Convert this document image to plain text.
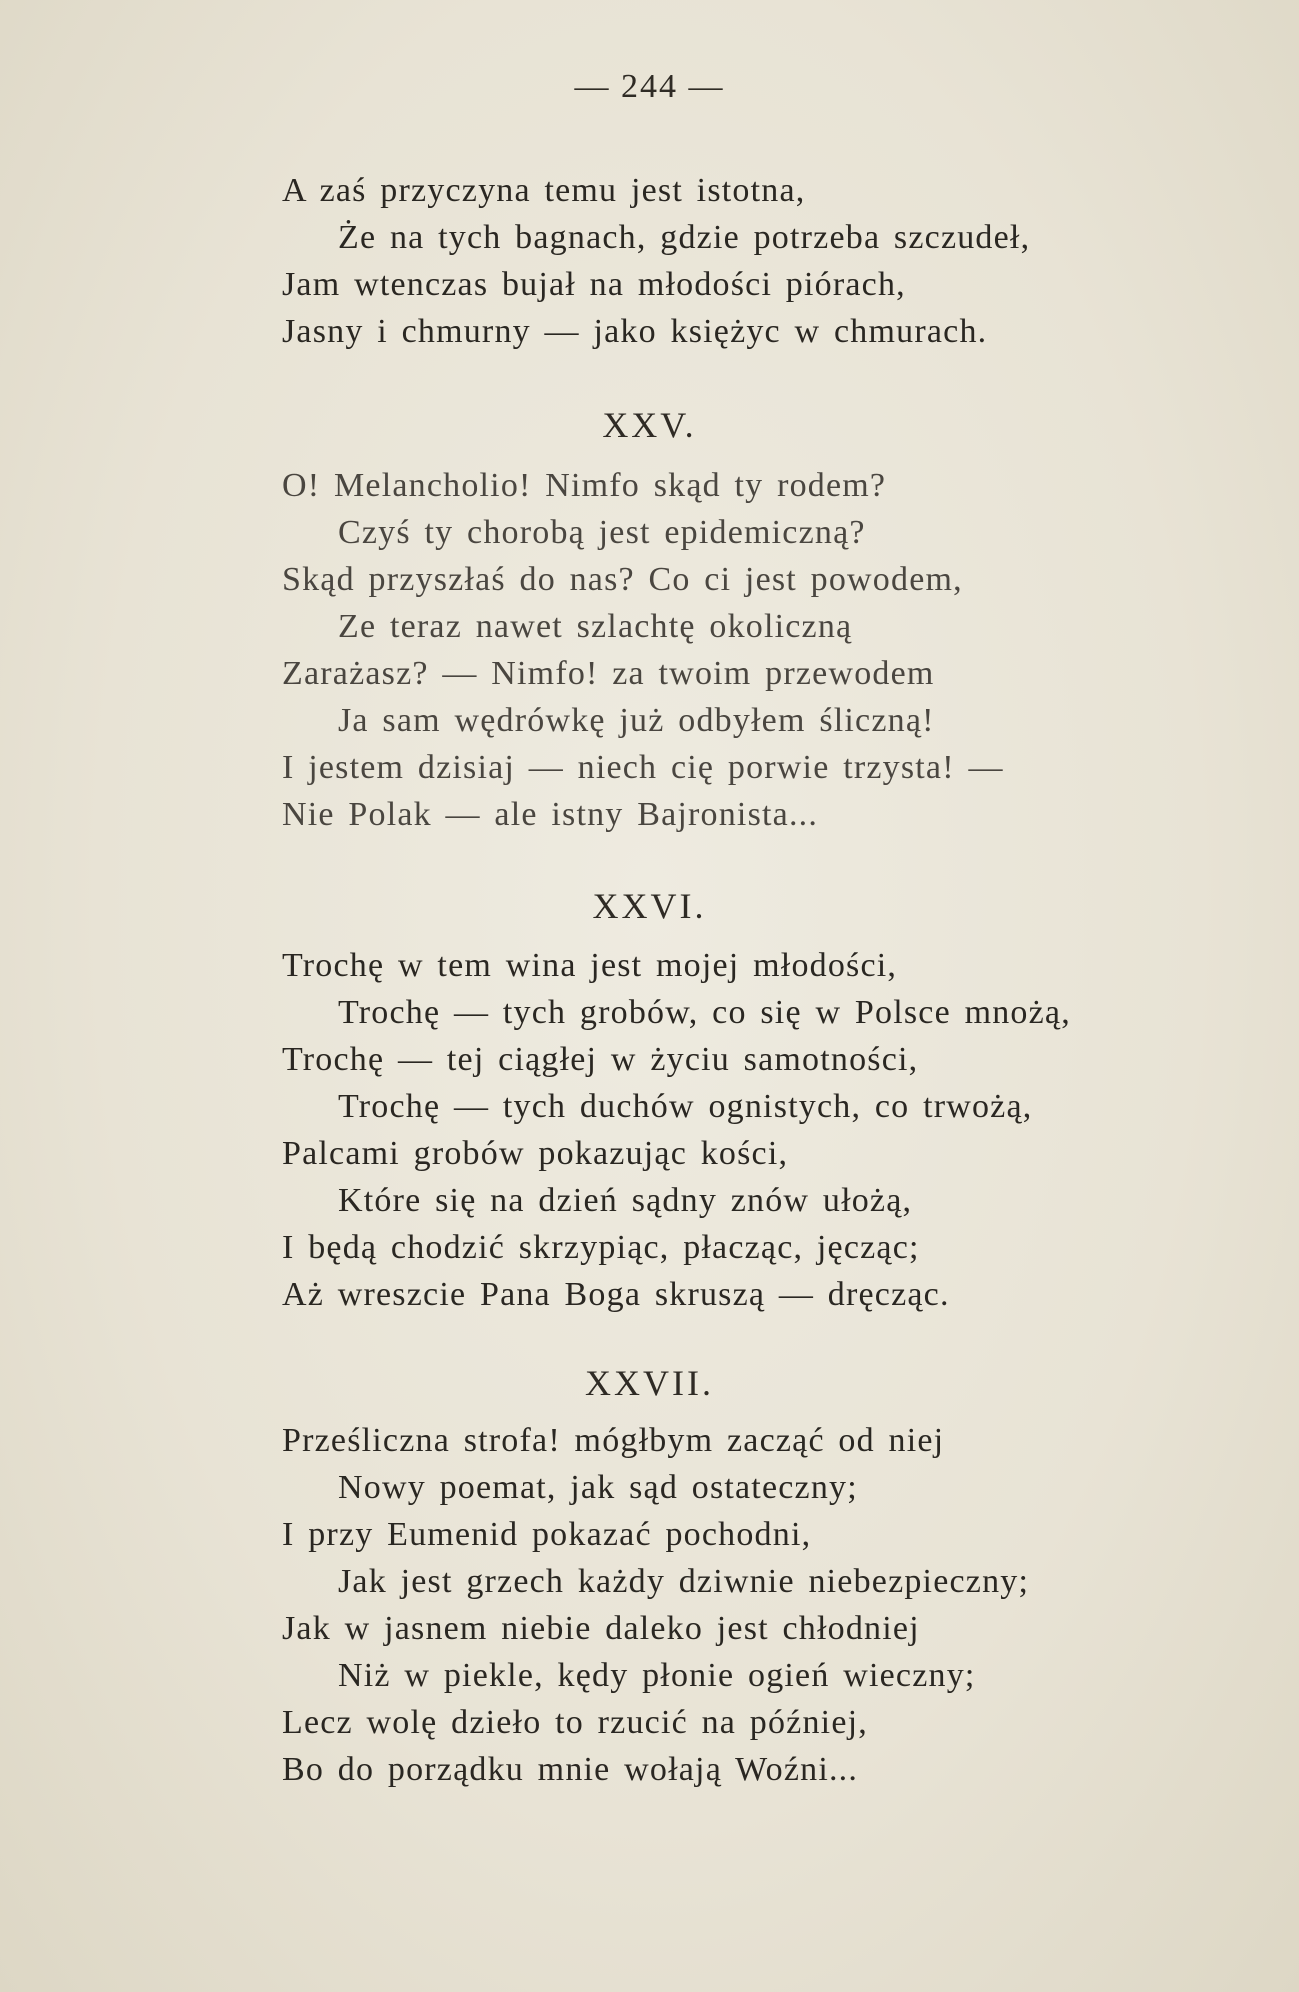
— 244 —
A zaś przyczyna temu jest istotna,
Że na tych bagnach, gdzie potrzeba szczudeł,
Jam wtenczas bujał na młodości piórach,
Jasny i chmurny — jako księżyc w chmurach.
XXV.
O! Melancholio! Nimfo skąd ty rodem?
Czyś ty chorobą jest epidemiczną?
Skąd przyszłaś do nas? Co ci jest powodem,
Ze teraz nawet szlachtę okoliczną
Zarażasz? — Nimfo! za twoim przewodem
Ja sam wędrówkę już odbyłem śliczną!
I jestem dzisiaj — niech cię porwie trzysta! —
Nie Polak — ale istny Bajronista...
XXVI.
Trochę w tem wina jest mojej młodości,
Trochę — tych grobów, co się w Polsce mnożą,
Trochę — tej ciągłej w życiu samotności,
Trochę — tych duchów ognistych, co trwożą,
Palcami grobów pokazując kości,
Które się na dzień sądny znów ułożą,
I będą chodzić skrzypiąc, płacząc, jęcząc;
Aż wreszcie Pana Boga skruszą — dręcząc.
XXVII.
Prześliczna strofa! mógłbym zacząć od niej
Nowy poemat, jak sąd ostateczny;
I przy Eumenid pokazać pochodni,
Jak jest grzech każdy dziwnie niebezpieczny;
Jak w jasnem niebie daleko jest chłodniej
Niż w piekle, kędy płonie ogień wieczny;
Lecz wolę dzieło to rzucić na później,
Bo do porządku mnie wołają Woźni...
